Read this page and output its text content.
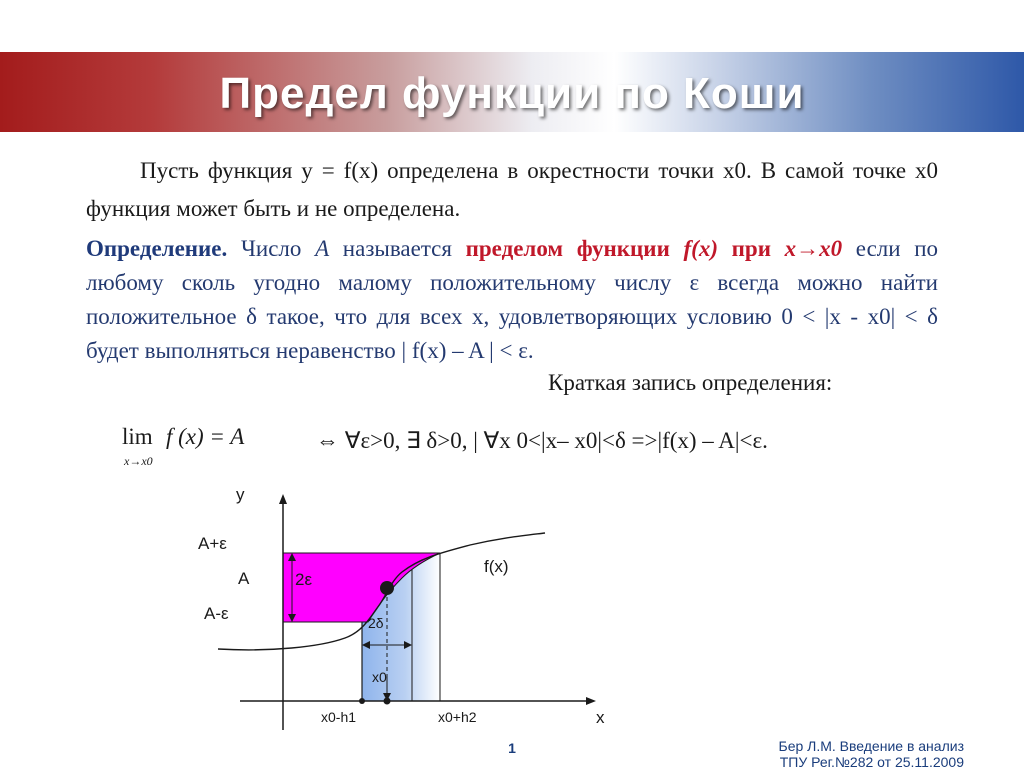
Предел функции по Коши
Пусть функция y = f(x) определена в окрестности точки x0. В самой точке x0 функция может быть и не определена.
Определение. Число A называется пределом функции f(x) при x→x0 если по любому сколь угодно малому положительному числу ε всегда можно найти положительное δ такое, что для всех x, удовлетворяющих условию 0 < |x - x0| < δ будет выполняться неравенство | f(x) – A | < ε.
Краткая запись определения:
lim f (x) = A
x→x0
⇔ ∀ε>0, ∃ δ>0, | ∀x 0<|x– x0|<δ =>|f(x) – A|<ε.
y
x
A+ε
A
A-ε
f(x)
2ε
2δ
x0
x0-h1	x0+h2
1	Бер Л.М. Введение в анализ
ТПУ Рег.№282 от 25.11.2009
